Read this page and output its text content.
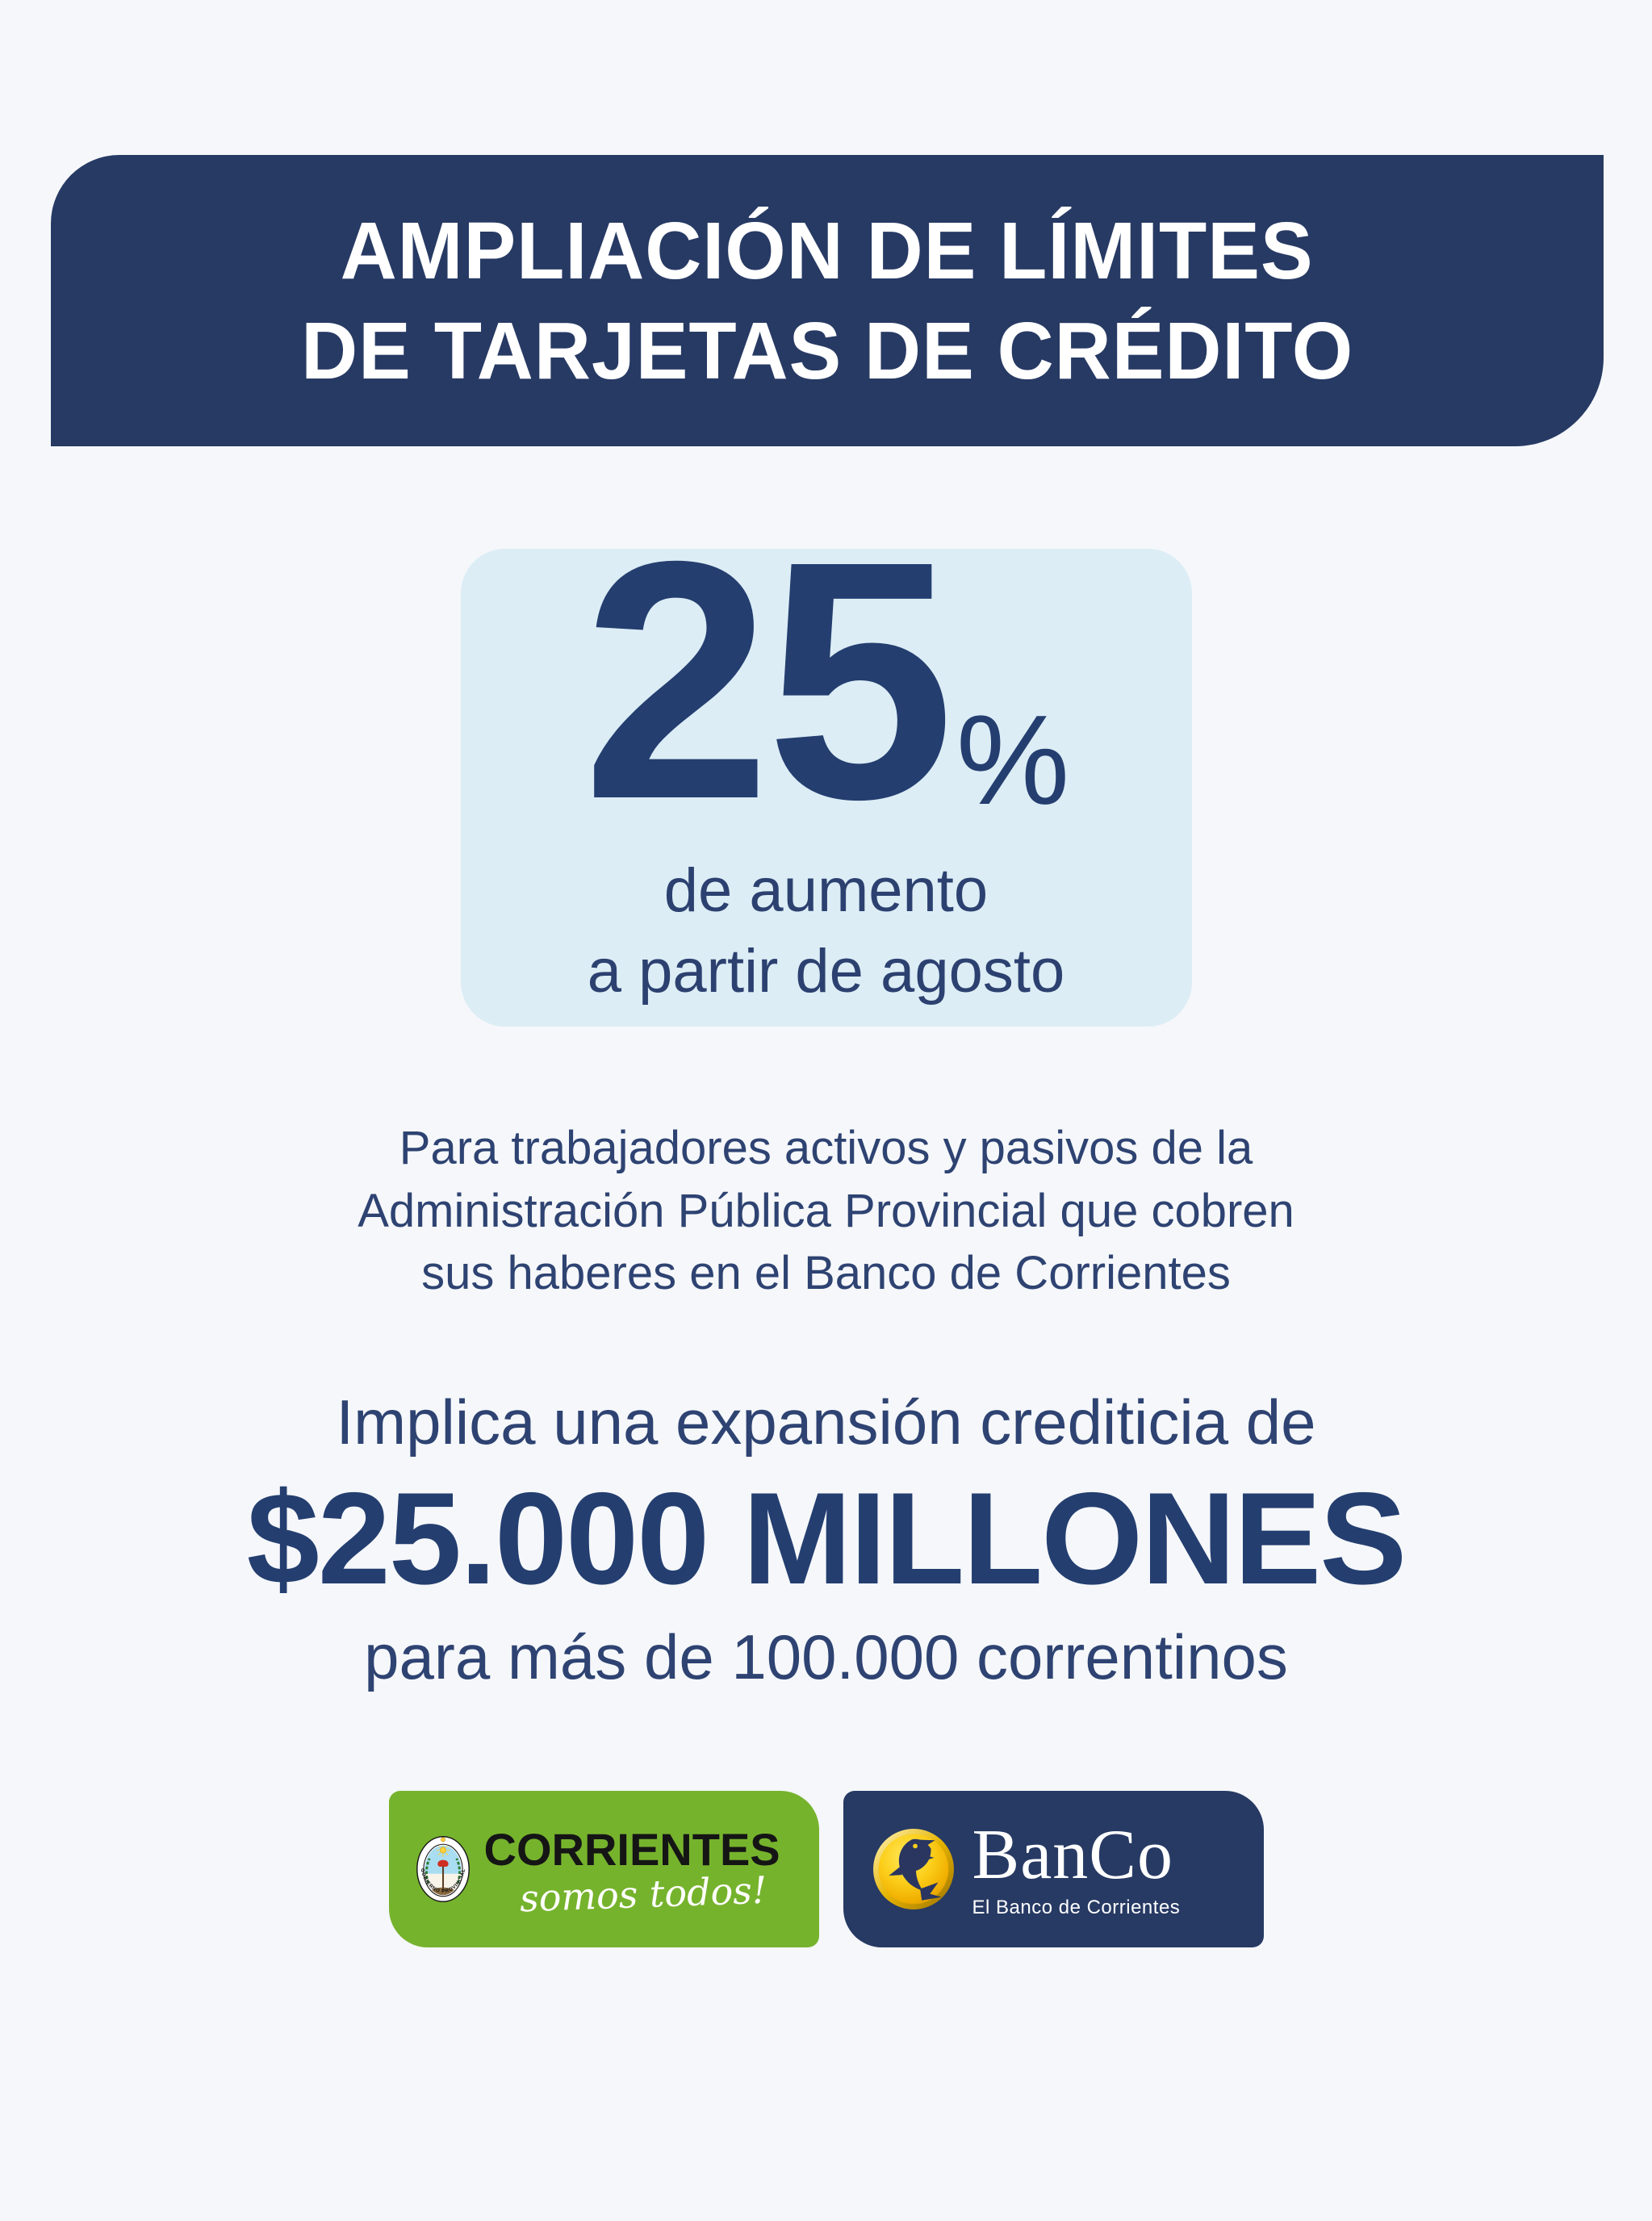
AMPLIACIÓN DE LÍMITES
DE TARJETAS DE CRÉDITO
25%
de aumento
a partir de agosto
Para trabajadores activos y pasivos de la
Administración Pública Provincial que cobren
sus haberes en el Banco de Corrientes
Implica una expansión crediticia de
$25.000 MILLONES
para más de 100.000 correntinos
GOBIERNO PROVINCIAL CORRIENTES
somos todos!	BanCo
El Banco de Corrientes
